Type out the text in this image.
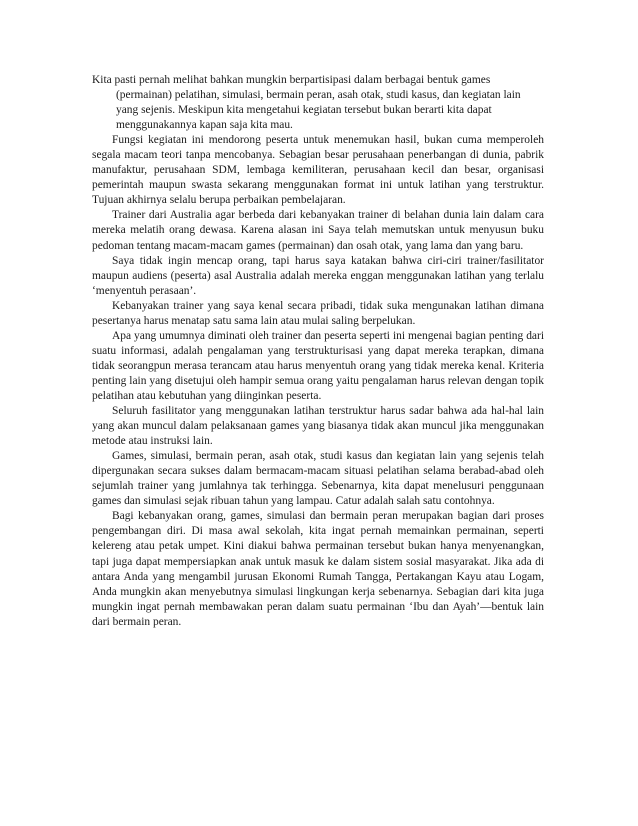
Kita pasti pernah melihat bahkan mungkin berpartisipasi dalam berbagai bentuk games

(permainan) pelatihan, simulasi, bermain peran, asah otak, studi kasus, dan kegiatan lain yang sejenis. Meskipun kita mengetahui kegiatan tersebut bukan berarti kita dapat menggunakannya kapan saja kita mau.

Fungsi kegiatan ini mendorong peserta untuk menemukan hasil, bukan cuma memperoleh segala macam teori tanpa mencobanya. Sebagian besar perusahaan penerbangan di dunia, pabrik manufaktur, perusahaan SDM, lembaga kemiliteran, perusahaan kecil dan besar, organisasi pemerintah maupun swasta sekarang menggunakan format ini untuk latihan yang terstruktur. Tujuan akhirnya selalu berupa perbaikan pembelajaran.

Trainer dari Australia agar berbeda dari kebanyakan trainer di belahan dunia lain dalam cara mereka melatih orang dewasa. Karena alasan ini Saya telah memutskan untuk menyusun buku pedoman tentang macam-macam games (permainan) dan osah otak, yang lama dan yang baru.

Saya tidak ingin mencap orang, tapi harus saya katakan bahwa ciri-ciri trainer/fasilitator maupun audiens (peserta) asal Australia adalah mereka enggan menggunakan latihan yang terlalu ‘menyentuh perasaan’.

Kebanyakan trainer yang saya kenal secara pribadi, tidak suka mengunakan latihan dimana pesertanya harus menatap satu sama lain atau mulai saling berpelukan.

Apa yang umumnya diminati oleh trainer dan peserta seperti ini mengenai bagian penting dari suatu informasi, adalah pengalaman yang terstrukturisasi yang dapat mereka terapkan, dimana tidak seorangpun merasa terancam atau harus menyentuh orang yang tidak mereka kenal. Kriteria penting lain yang disetujui oleh hampir semua orang yaitu pengalaman harus relevan dengan topik pelatihan atau kebutuhan yang diinginkan peserta.

Seluruh fasilitator yang menggunakan latihan terstruktur harus sadar bahwa ada hal-hal lain yang akan muncul dalam pelaksanaan games yang biasanya tidak akan muncul jika menggunakan metode atau instruksi lain.

Games, simulasi, bermain peran, asah otak, studi kasus dan kegiatan lain yang sejenis telah dipergunakan secara sukses dalam bermacam-macam situasi pelatihan selama berabad-abad oleh sejumlah trainer yang jumlahnya tak terhingga. Sebenarnya, kita dapat menelusuri penggunaan games dan simulasi sejak ribuan tahun yang lampau. Catur adalah salah satu contohnya.

Bagi kebanyakan orang, games, simulasi dan bermain peran merupakan bagian dari proses pengembangan diri. Di masa awal sekolah, kita ingat pernah memainkan permainan, seperti kelereng atau petak umpet. Kini diakui bahwa permainan tersebut bukan hanya menyenangkan, tapi juga dapat mempersiapkan anak untuk masuk ke dalam sistem sosial masyarakat. Jika ada di antara Anda yang mengambil jurusan Ekonomi Rumah Tangga, Pertakangan Kayu atau Logam, Anda mungkin akan menyebutnya simulasi lingkungan kerja sebenarnya. Sebagian dari kita juga mungkin ingat pernah membawakan peran dalam suatu permainan ‘Ibu dan Ayah’—bentuk lain dari bermain peran.
